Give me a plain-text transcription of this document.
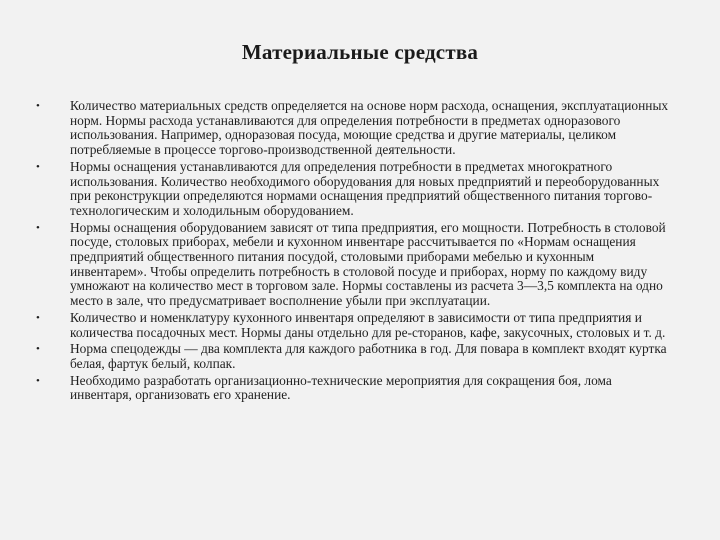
Материальные средства
•	Количество материальных средств определяется на основе норм расхода, оснащения, эксплуатационных норм. Нормы расхода устанавливаются для определения потребности в предметах одноразового использования. Например, одноразовая посуда, моющие средства и другие материалы, целиком потребляемые в процессе торгово-производственной деятельности.
•	Нормы оснащения устанавливаются для определения потребности в предметах многократного использования. Количество необходимого оборудования для новых предприятий и переоборудованных при реконструкции определяются нормами оснащения предприятий общественного питания торгово-технологическим и холодильным оборудованием.
•	Нормы оснащения оборудованием зависят от типа предприятия, его мощности. Потребность в столовой посуде, столовых приборах, мебели и кухонном инвентаре рассчитывается по «Нормам оснащения предприятий общественного питания посудой, столовыми приборами мебелью и кухонным инвентарем». Чтобы определить потребность в столовой посуде и приборах, норму по каждому виду умножают на количество мест в торговом зале. Нормы составлены из расчета 3—3,5 комплекта на одно место в зале, что предусматривает восполнение убыли при эксплуатации.
•	Количество и номенклатуру кухонного инвентаря определяют в зависимости от типа предприятия и количества посадочных мест. Нормы даны отдельно для ре-сторанов, кафе, закусочных, столовых и т. д.
•	Норма спецодежды — два комплекта для каждого работника в год. Для повара в комплект входят куртка белая, фартук белый, колпак.
•	Необходимо разработать организационно-технические мероприятия для сокращения боя, лома инвентаря, организовать его хранение.
